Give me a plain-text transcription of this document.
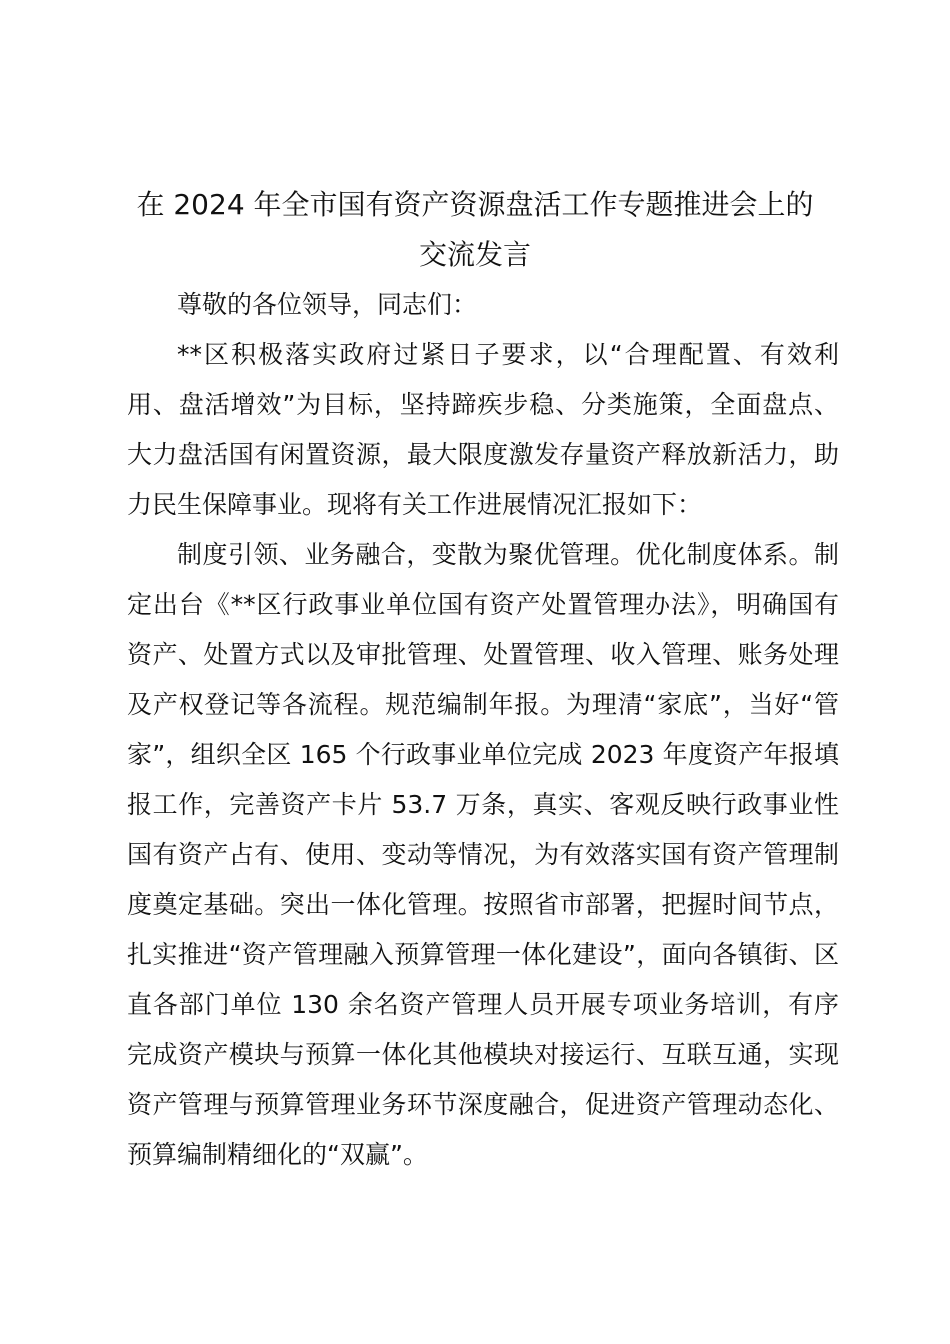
在 2024 年全市国有资产资源盘活工作专题推进会上的
交流发言

尊敬的各位领导，同志们：

**区积极落实政府过紧日子要求，以“合理配置、有效利用、盘活增效”为目标，坚持蹄疾步稳、分类施策，全面盘点、大力盘活国有闲置资源，最大限度激发存量资产释放新活力，助力民生保障事业。现将有关工作进展情况汇报如下：

制度引领、业务融合，变散为聚优管理。优化制度体系。制定出台《**区行政事业单位国有资产处置管理办法》，明确国有资产、处置方式以及审批管理、处置管理、收入管理、账务处理及产权登记等各流程。规范编制年报。为理清“家底”，当好“管家”，组织全区 165 个行政事业单位完成 2023 年度资产年报填报工作，完善资产卡片 53.7 万条，真实、客观反映行政事业性国有资产占有、使用、变动等情况，为有效落实国有资产管理制度奠定基础。突出一体化管理。按照省市部署，把握时间节点，扎实推进“资产管理融入预算管理一体化建设”，面向各镇街、区直各部门单位 130 余名资产管理人员开展专项业务培训，有序完成资产模块与预算一体化其他模块对接运行、互联互通，实现资产管理与预算管理业务环节深度融合，促进资产管理动态化、预算编制精细化的“双赢”。
